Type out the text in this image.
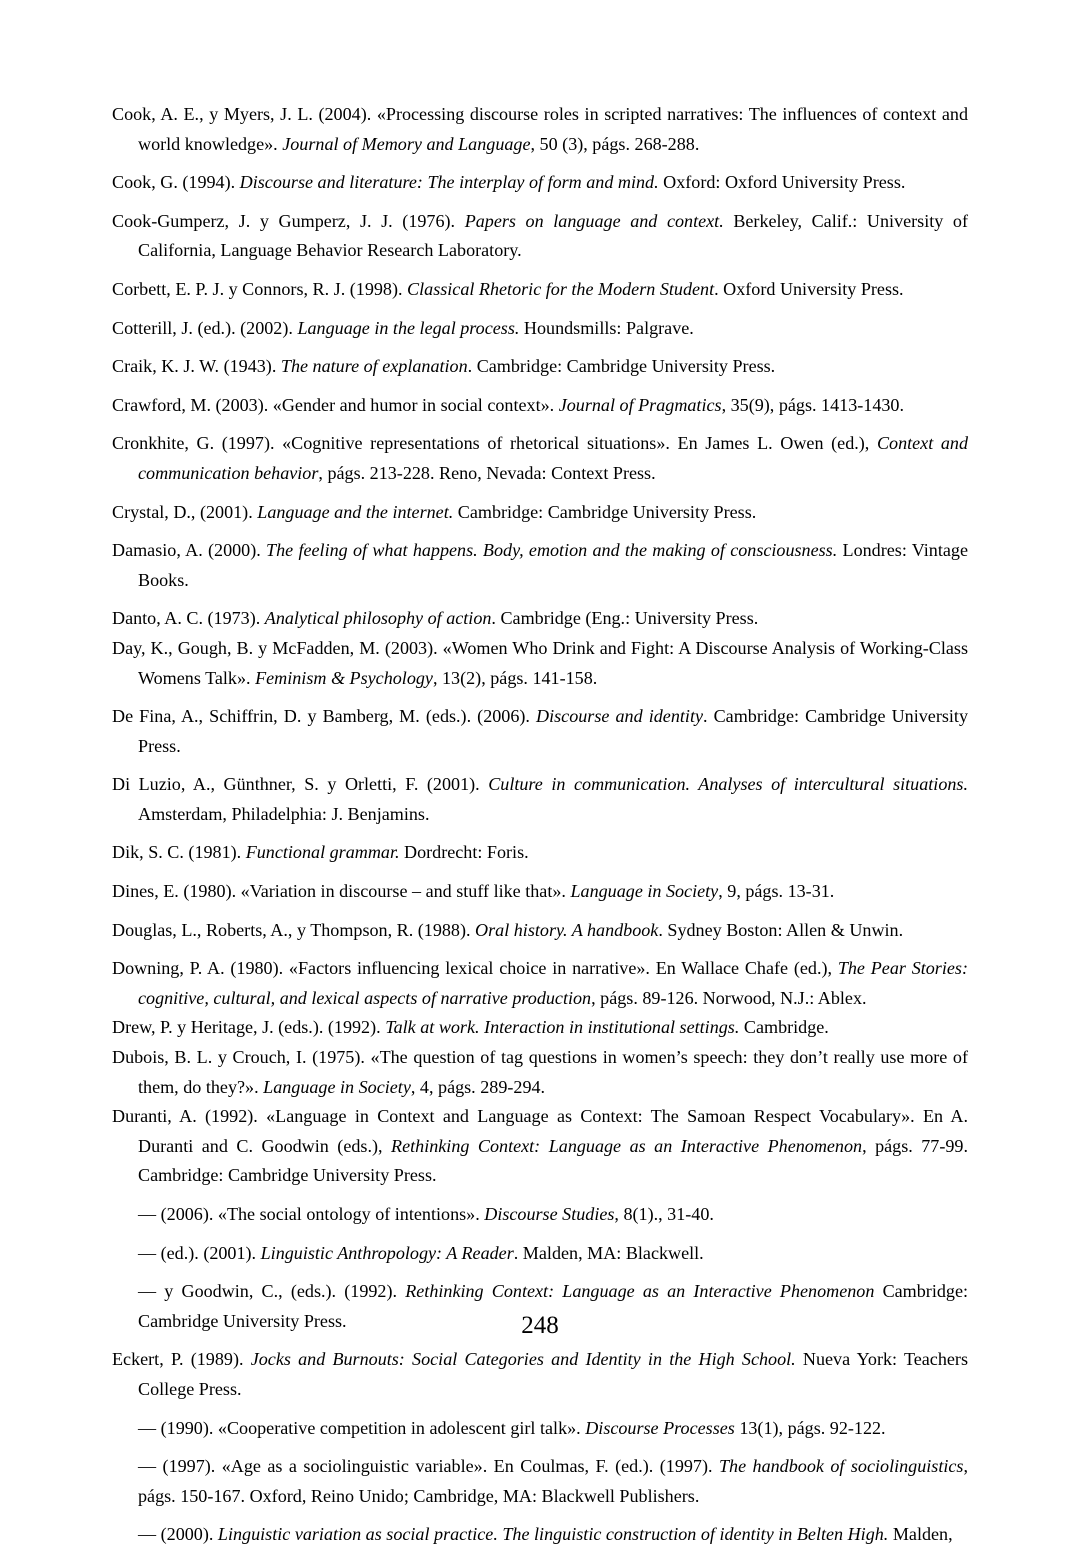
Cook, A. E., y Myers, J. L. (2004). «Processing discourse roles in scripted narratives: The influences of context and world knowledge». Journal of Memory and Language, 50 (3), págs. 268-288.

Cook, G. (1994). Discourse and literature: The interplay of form and mind. Oxford: Oxford University Press.

Cook-Gumperz, J. y Gumperz, J. J. (1976). Papers on language and context. Berkeley, Calif.: University of California, Language Behavior Research Laboratory.

Corbett, E. P. J. y Connors, R. J. (1998). Classical Rhetoric for the Modern Student. Oxford University Press.

Cotterill, J. (ed.). (2002). Language in the legal process. Houndsmills: Palgrave.

Craik, K. J. W. (1943). The nature of explanation. Cambridge: Cambridge University Press.

Crawford, M. (2003). «Gender and humor in social context». Journal of Pragmatics, 35(9), págs. 1413-1430.

Cronkhite, G. (1997). «Cognitive representations of rhetorical situations». En James L. Owen (ed.), Context and communication behavior, págs. 213-228. Reno, Nevada: Context Press.

Crystal, D., (2001). Language and the internet. Cambridge: Cambridge University Press.

Damasio, A. (2000). The feeling of what happens. Body, emotion and the making of consciousness. Londres: Vintage Books.

Danto, A. C. (1973). Analytical philosophy of action. Cambridge (Eng.: University Press.

Day, K., Gough, B. y McFadden, M. (2003). «Women Who Drink and Fight: A Discourse Analysis of Working-Class Womens Talk». Feminism & Psychology, 13(2), págs. 141-158.

De Fina, A., Schiffrin, D. y Bamberg, M. (eds.). (2006). Discourse and identity. Cambridge: Cambridge University Press.

Di Luzio, A., Günthner, S. y Orletti, F. (2001). Culture in communication. Analyses of intercultural situations. Amsterdam, Philadelphia: J. Benjamins.

Dik, S. C. (1981). Functional grammar. Dordrecht: Foris.

Dines, E. (1980). «Variation in discourse – and stuff like that». Language in Society, 9, págs. 13-31.

Douglas, L., Roberts, A., y Thompson, R. (1988). Oral history. A handbook. Sydney Boston: Allen & Unwin.

Downing, P. A. (1980). «Factors influencing lexical choice in narrative». En Wallace Chafe (ed.), The Pear Stories: cognitive, cultural, and lexical aspects of narrative production, págs. 89-126. Norwood, N.J.: Ablex.

Drew, P. y Heritage, J. (eds.). (1992). Talk at work. Interaction in institutional settings. Cambridge.

Dubois, B. L. y Crouch, I. (1975). «The question of tag questions in women’s speech: they don’t really use more of them, do they?». Language in Society, 4, págs. 289-294.

Duranti, A. (1992). «Language in Context and Language as Context: The Samoan Respect Vocabulary». En A. Duranti and C. Goodwin (eds.), Rethinking Context: Language as an Interactive Phenomenon, págs. 77-99. Cambridge: Cambridge University Press.

— (2006). «The social ontology of intentions». Discourse Studies, 8(1)., 31-40.

— (ed.). (2001). Linguistic Anthropology: A Reader. Malden, MA: Blackwell.

— y Goodwin, C., (eds.). (1992). Rethinking Context: Language as an Interactive Phenomenon Cambridge: Cambridge University Press.

Eckert, P. (1989). Jocks and Burnouts: Social Categories and Identity in the High School. Nueva York: Teachers College Press.

— (1990). «Cooperative competition in adolescent girl talk». Discourse Processes 13(1), págs. 92-122.

— (1997). «Age as a sociolinguistic variable». En Coulmas, F. (ed.). (1997). The handbook of sociolinguistics, págs. 150-167. Oxford, Reino Unido; Cambridge, MA: Blackwell Publishers.

— (2000). Linguistic variation as social practice. The linguistic construction of identity in Belten High. Malden,

248
